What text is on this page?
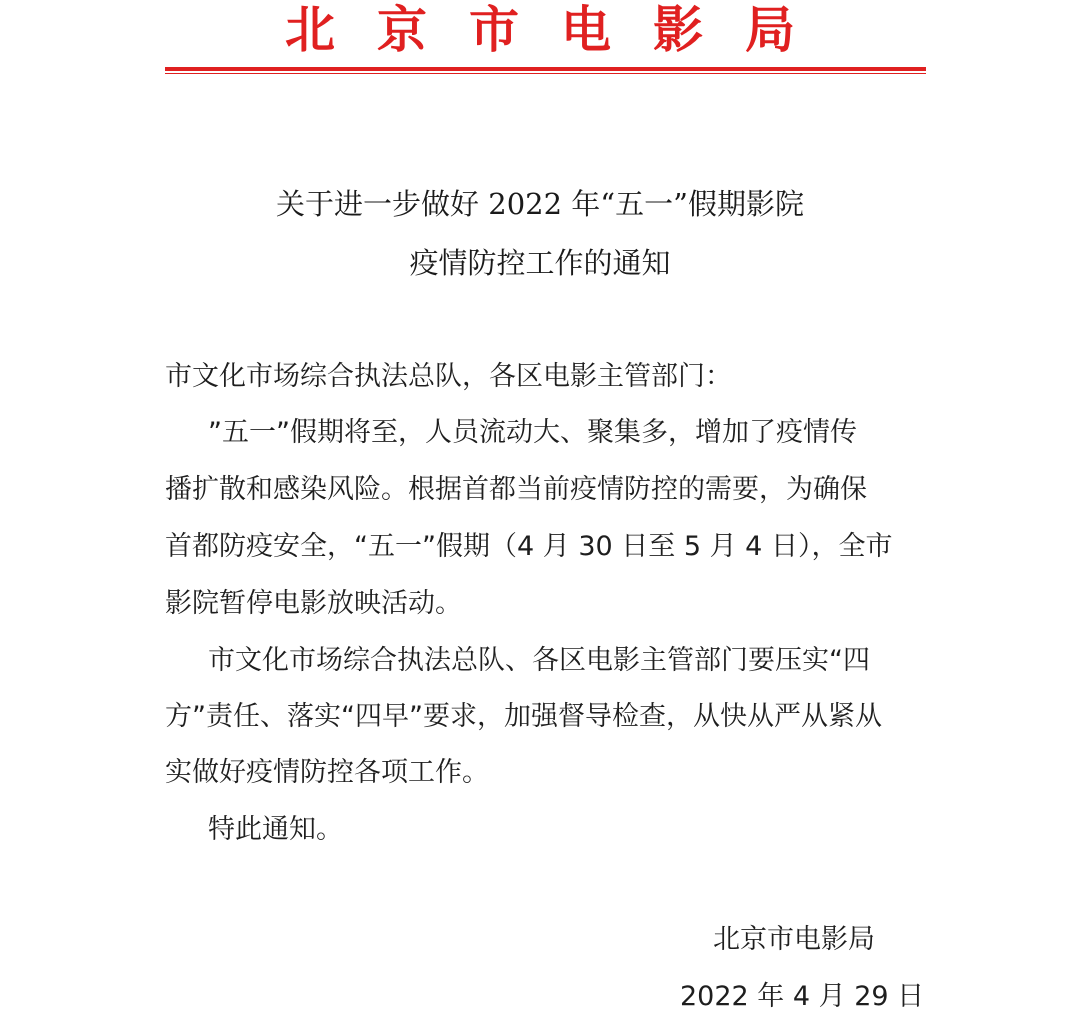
北京市电影局
关于进一步做好 2022 年“五一”假期影院
疫情防控工作的通知
市文化市场综合执法总队，各区电影主管部门：
”五一”假期将至，人员流动大、聚集多，增加了疫情传
播扩散和感染风险。根据首都当前疫情防控的需要，为确保
首都防疫安全，“五一”假期（4 月 30 日至 5 月 4 日），全市
影院暂停电影放映活动。
市文化市场综合执法总队、各区电影主管部门要压实“四
方”责任、落实“四早”要求，加强督导检查，从快从严从紧从
实做好疫情防控各项工作。
特此通知。
北京市电影局
2022 年 4 月 29 日
